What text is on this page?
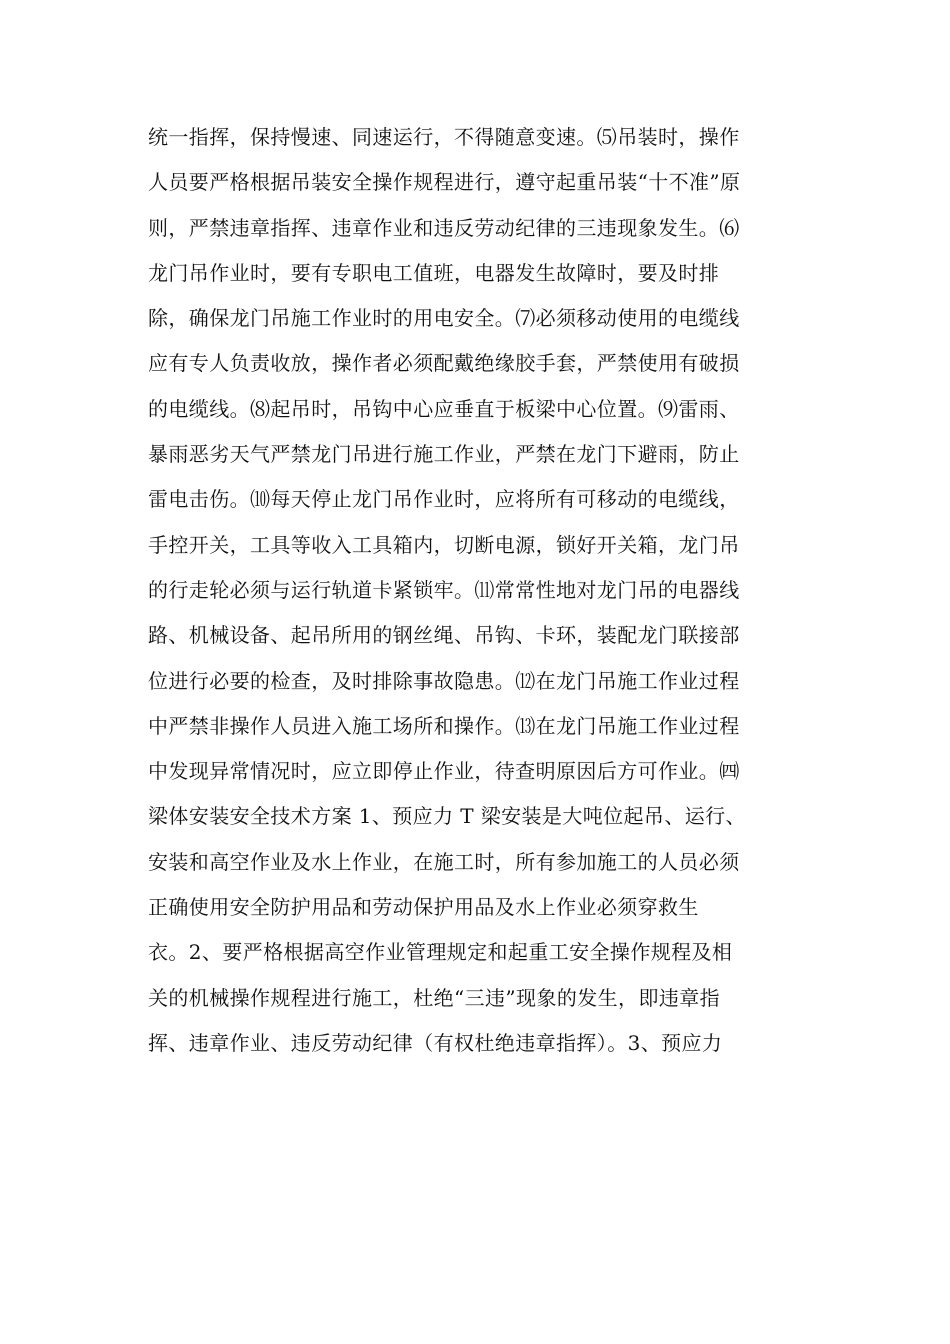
统一指挥，保持慢速、同速运行，不得随意变速。⑸吊装时，操作
人员要严格根据吊装安全操作规程进行，遵守起重吊装“十不准”原
则，严禁违章指挥、违章作业和违反劳动纪律的三违现象发生。⑹
龙门吊作业时，要有专职电工值班，电器发生故障时，要及时排
除，确保龙门吊施工作业时的用电安全。⑺必须移动使用的电缆线
应有专人负责收放，操作者必须配戴绝缘胶手套，严禁使用有破损
的电缆线。⑻起吊时，吊钩中心应垂直于板梁中心位置。⑼雷雨、
暴雨恶劣天气严禁龙门吊进行施工作业，严禁在龙门下避雨，防止
雷电击伤。⑽每天停止龙门吊作业时，应将所有可移动的电缆线，
手控开关，工具等收入工具箱内，切断电源，锁好开关箱，龙门吊
的行走轮必须与运行轨道卡紧锁牢。⑾常常性地对龙门吊的电器线
路、机械设备、起吊所用的钢丝绳、吊钩、卡环，装配龙门联接部
位进行必要的检查，及时排除事故隐患。⑿在龙门吊施工作业过程
中严禁非操作人员进入施工场所和操作。⒀在龙门吊施工作业过程
中发现异常情况时，应立即停止作业，待查明原因后方可作业。㈣
梁体安装安全技术方案 1、预应力 T 梁安装是大吨位起吊、运行、
安装和高空作业及水上作业，在施工时，所有参加施工的人员必须
正确使用安全防护用品和劳动保护用品及水上作业必须穿救生
衣。2、要严格根据高空作业管理规定和起重工安全操作规程及相
关的机械操作规程进行施工，杜绝“三违”现象的发生，即违章指
挥、违章作业、违反劳动纪律（有权杜绝违章指挥）。3、预应力
